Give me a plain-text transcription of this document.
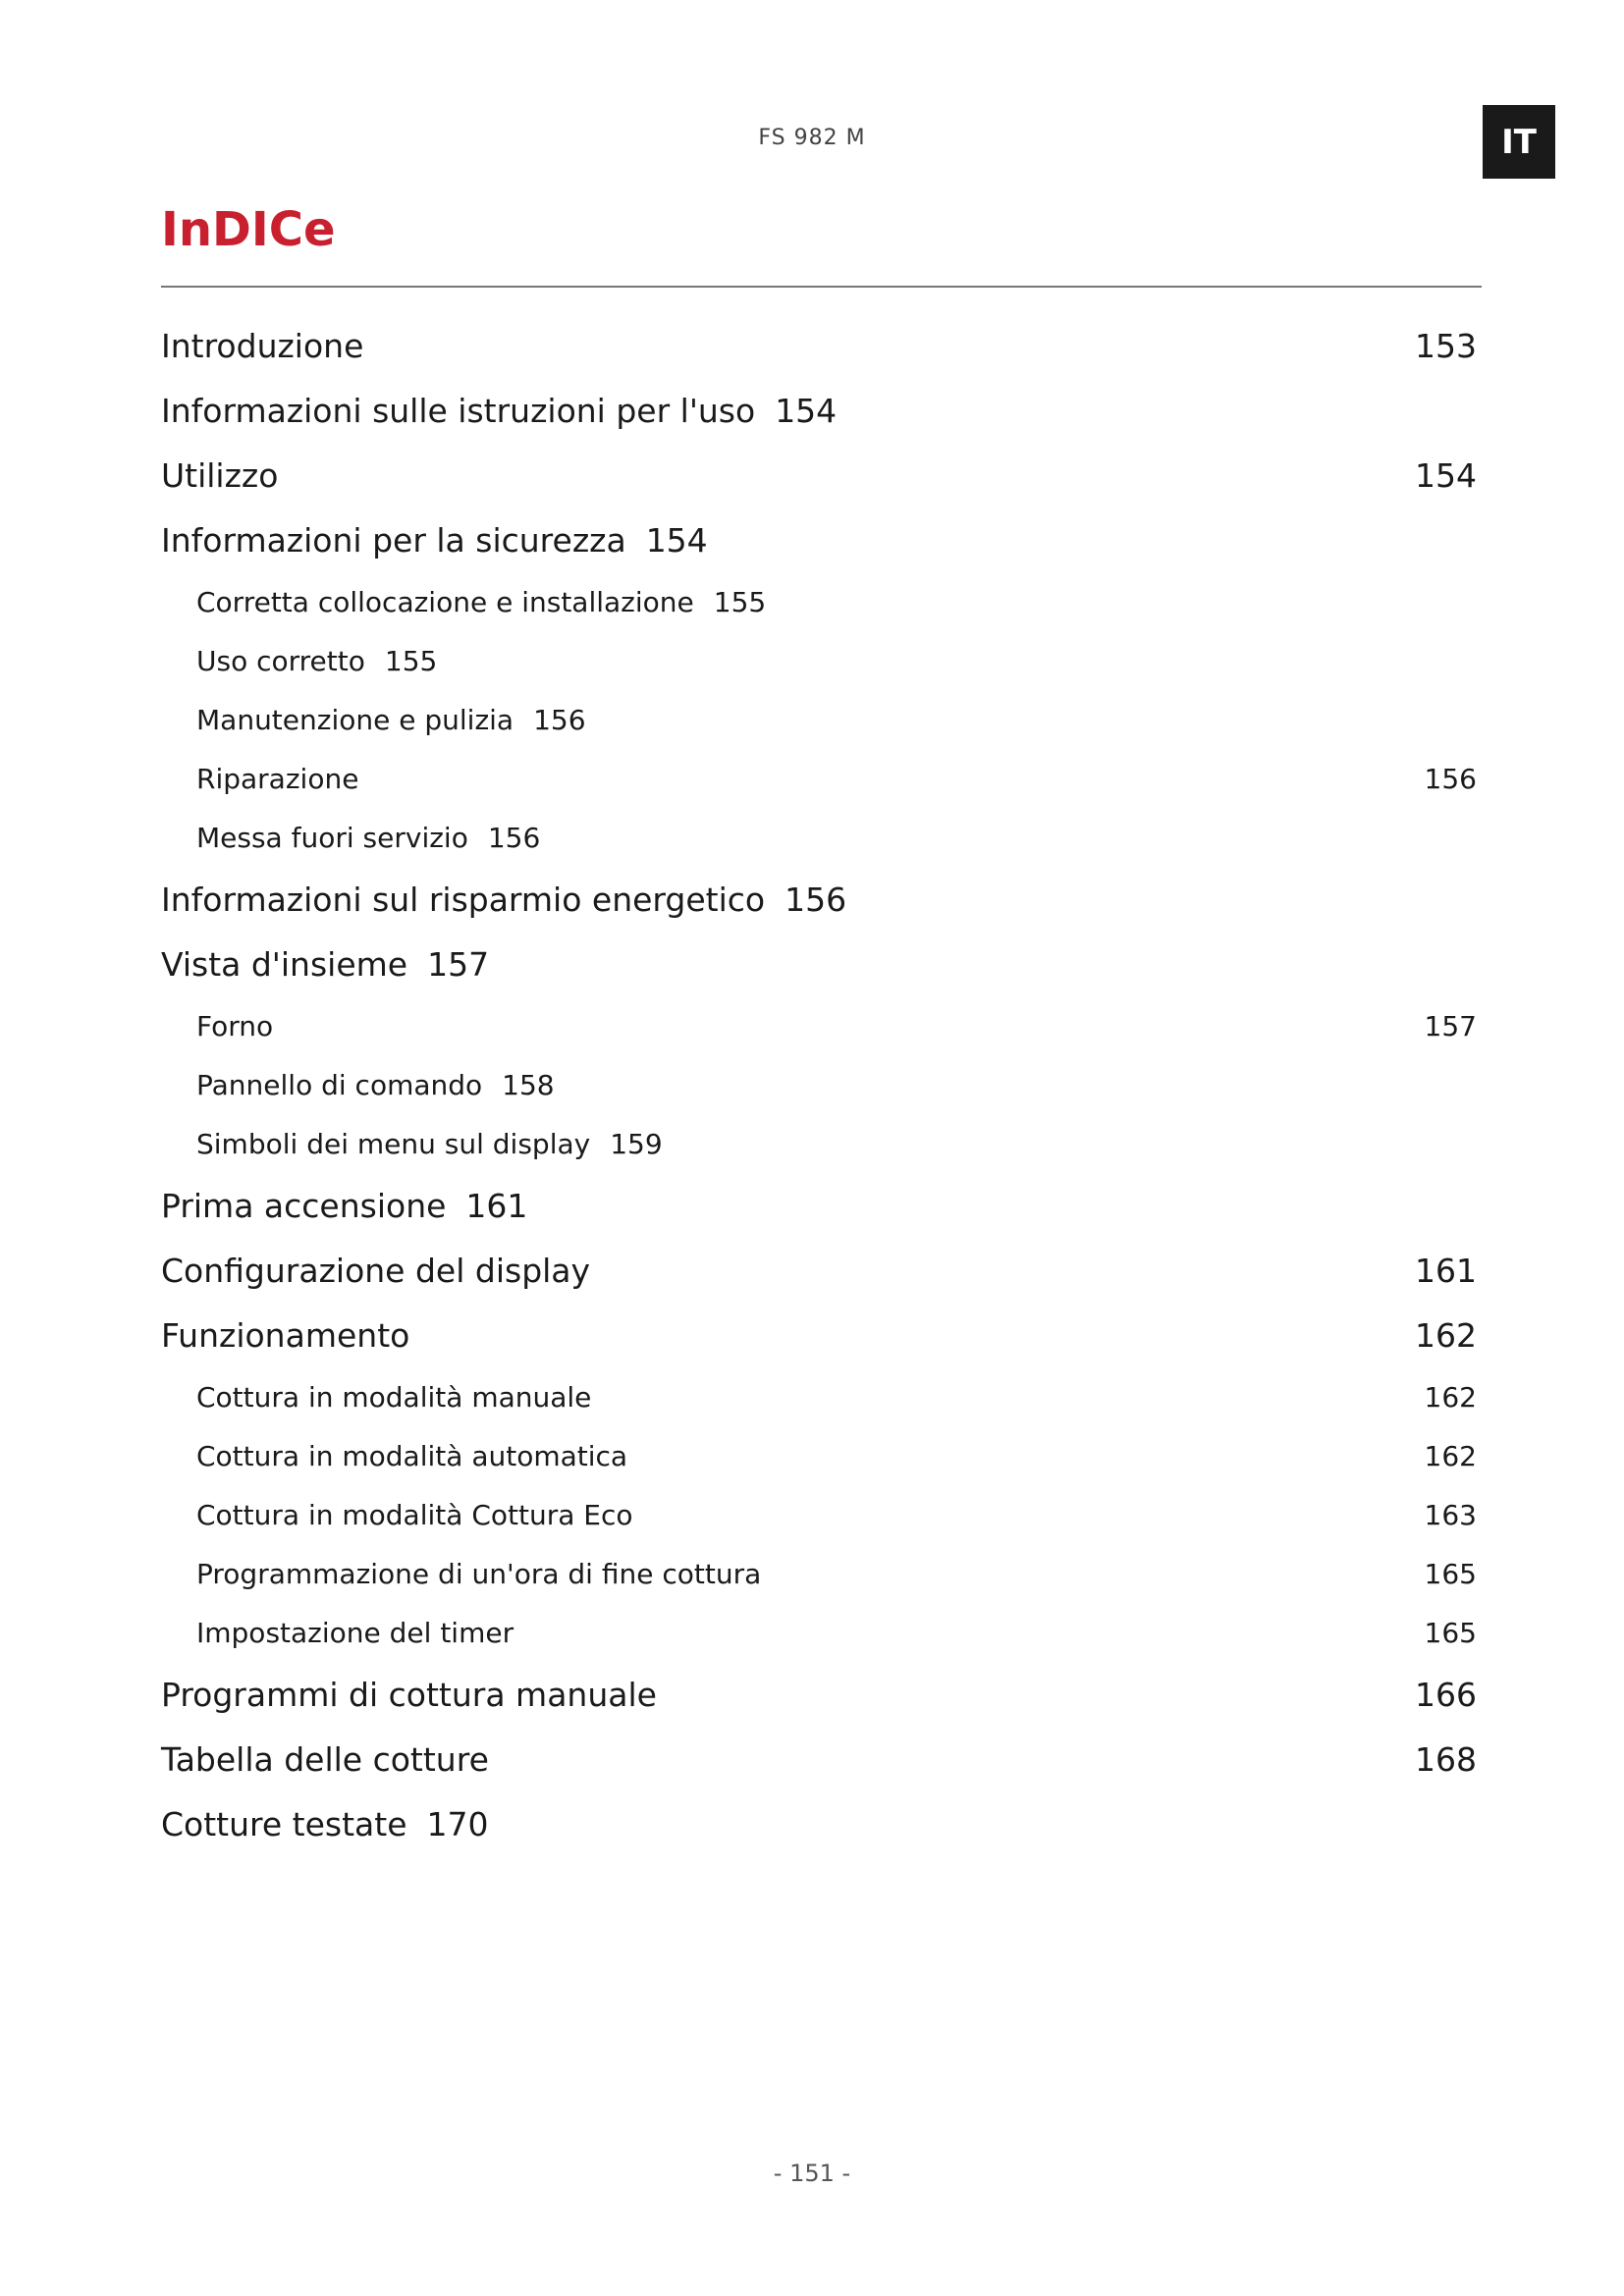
FS 982 M	IT
InDICe
Introduzione	153
Informazioni sulle istruzioni per l'uso 154
Utilizzo	154
Informazioni per la sicurezza 154
Corretta collocazione e installazione 155
Uso corretto 155
Manutenzione e pulizia 156
Riparazione	156
Messa fuori servizio 156
Informazioni sul risparmio energetico 156
Vista d'insieme 157
Forno	157
Pannello di comando 158
Simboli dei menu sul display 159
Prima accensione 161
Configurazione del display	161
Funzionamento	162
Cottura in modalità manuale	162
Cottura in modalità automatica	162
Cottura in modalità Cottura Eco	163
Programmazione di un'ora di fine cottura	165
Impostazione del timer	165
Programmi di cottura manuale	166
Tabella delle cotture	168
Cotture testate 170
- 151 -
